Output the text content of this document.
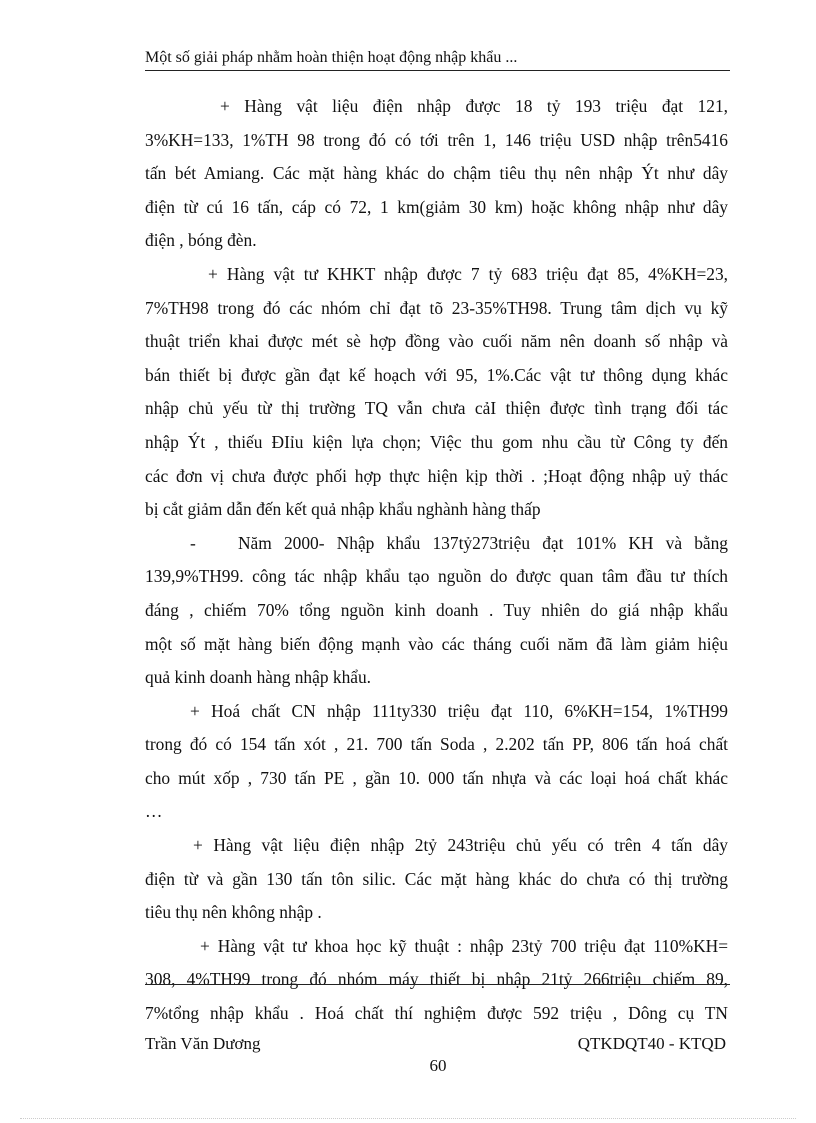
Một số giải pháp nhằm hoàn thiện hoạt động nhập khẩu ...
+ Hàng vật liệu điện nhập được 18 tỷ 193 triệu đạt 121,
3%KH=133, 1%TH 98 trong đó có tới trên 1, 146 triệu USD nhập trên5416
tấn bét Amiang. Các mặt hàng khác do chậm tiêu thụ nên nhập Ýt như dây
điện từ cú 16 tấn, cáp có 72, 1 km(giảm 30 km) hoặc không nhập như dây
điện , bóng đèn.
+ Hàng vật tư KHKT nhập được 7 tỷ 683 triệu đạt 85, 4%KH=23,
7%TH98 trong đó các nhóm chỉ đạt tõ 23-35%TH98. Trung tâm dịch vụ kỹ
thuật triển khai được mét sè hợp đồng vào cuối năm nên doanh số nhập và
bán thiết bị được gần đạt kế hoạch với 95, 1%.Các vật tư thông dụng khác
nhập chủ yếu từ thị trường TQ vẫn chưa cảI thiện được tình trạng đối tác
nhập Ýt , thiếu ĐIỉu kiện lựa chọn; Việc thu gom nhu cầu từ Công ty đến
các đơn vị chưa được phối hợp thực hiện kịp thời . ;Hoạt động nhập uỷ thác
bị cắt giảm dẫn đến kết quả nhập khẩu nghành hàng thấp
- Năm 2000- Nhập khẩu 137tỷ273triệu đạt 101% KH và bằng
139,9%TH99. công tác nhập khẩu tạo nguồn do được quan tâm đầu tư thích
đáng , chiếm 70% tổng nguồn kinh doanh . Tuy nhiên do giá nhập khẩu
một số mặt hàng biến động mạnh vào các tháng cuối năm đã làm giảm hiệu
quả kinh doanh hàng nhập khẩu.
+ Hoá chất CN nhập 111ty330 triệu đạt 110, 6%KH=154, 1%TH99
trong đó có 154 tấn xót , 21. 700 tấn Soda , 2.202 tấn PP, 806 tấn hoá chất
cho mút xốp , 730 tấn PE , gần 10. 000 tấn nhựa và các loại hoá chất khác
…
+ Hàng vật liệu điện nhập 2tỷ 243triệu chủ yếu có trên 4 tấn dây
điện từ và gần 130 tấn tôn silic. Các mặt hàng khác do chưa có thị trường
tiêu thụ nên không nhập .
+ Hàng vật tư khoa học kỹ thuật : nhập 23tỷ 700 triệu đạt 110%KH=
308, 4%TH99 trong đó nhóm máy thiết bị nhập 21tỷ 266triệu chiếm 89,
7%tổng nhập khẩu . Hoá chất thí nghiệm được 592 triệu , Dông cụ TN
Trần Văn Dương	QTKDQT40 - KTQD
60
